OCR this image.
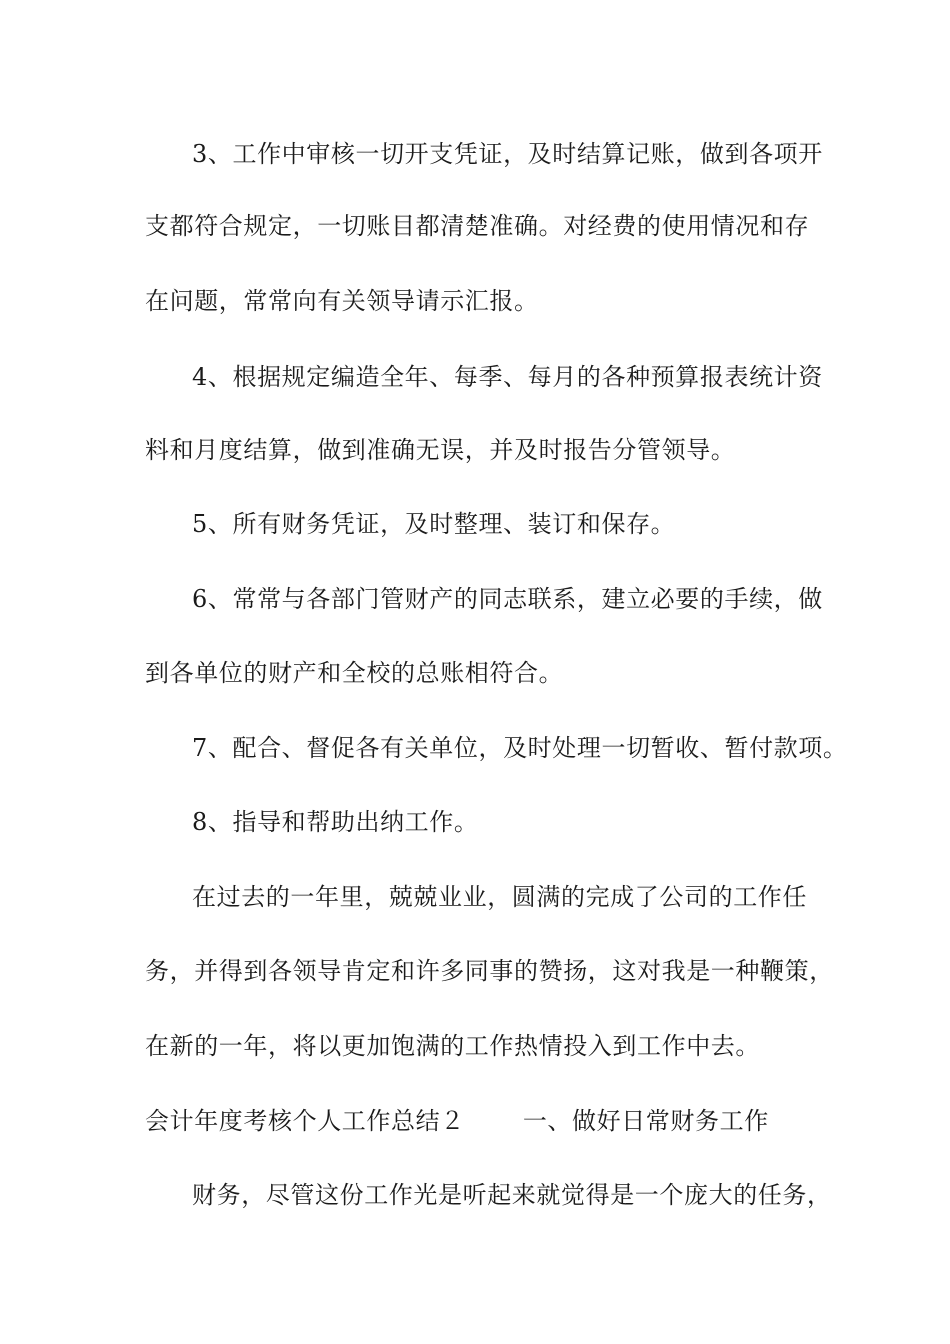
3、工作中审核一切开支凭证，及时结算记账，做到各项开
支都符合规定，一切账目都清楚准确。对经费的使用情况和存
在问题，常常向有关领导请示汇报。
4、根据规定编造全年、每季、每月的各种预算报表统计资
料和月度结算，做到准确无误，并及时报告分管领导。
5、所有财务凭证，及时整理、装订和保存。
6、常常与各部门管财产的同志联系，建立必要的手续，做
到各单位的财产和全校的总账相符合。
7、配合、督促各有关单位，及时处理一切暂收、暂付款项。
8、指导和帮助出纳工作。
在过去的一年里，兢兢业业，圆满的完成了公司的工作任
务，并得到各领导肯定和许多同事的赞扬，这对我是一种鞭策，
在新的一年，将以更加饱满的工作热情投入到工作中去。
会计年度考核个人工作总结２ 一、做好日常财务工作
财务，尽管这份工作光是听起来就觉得是一个庞大的任务，
